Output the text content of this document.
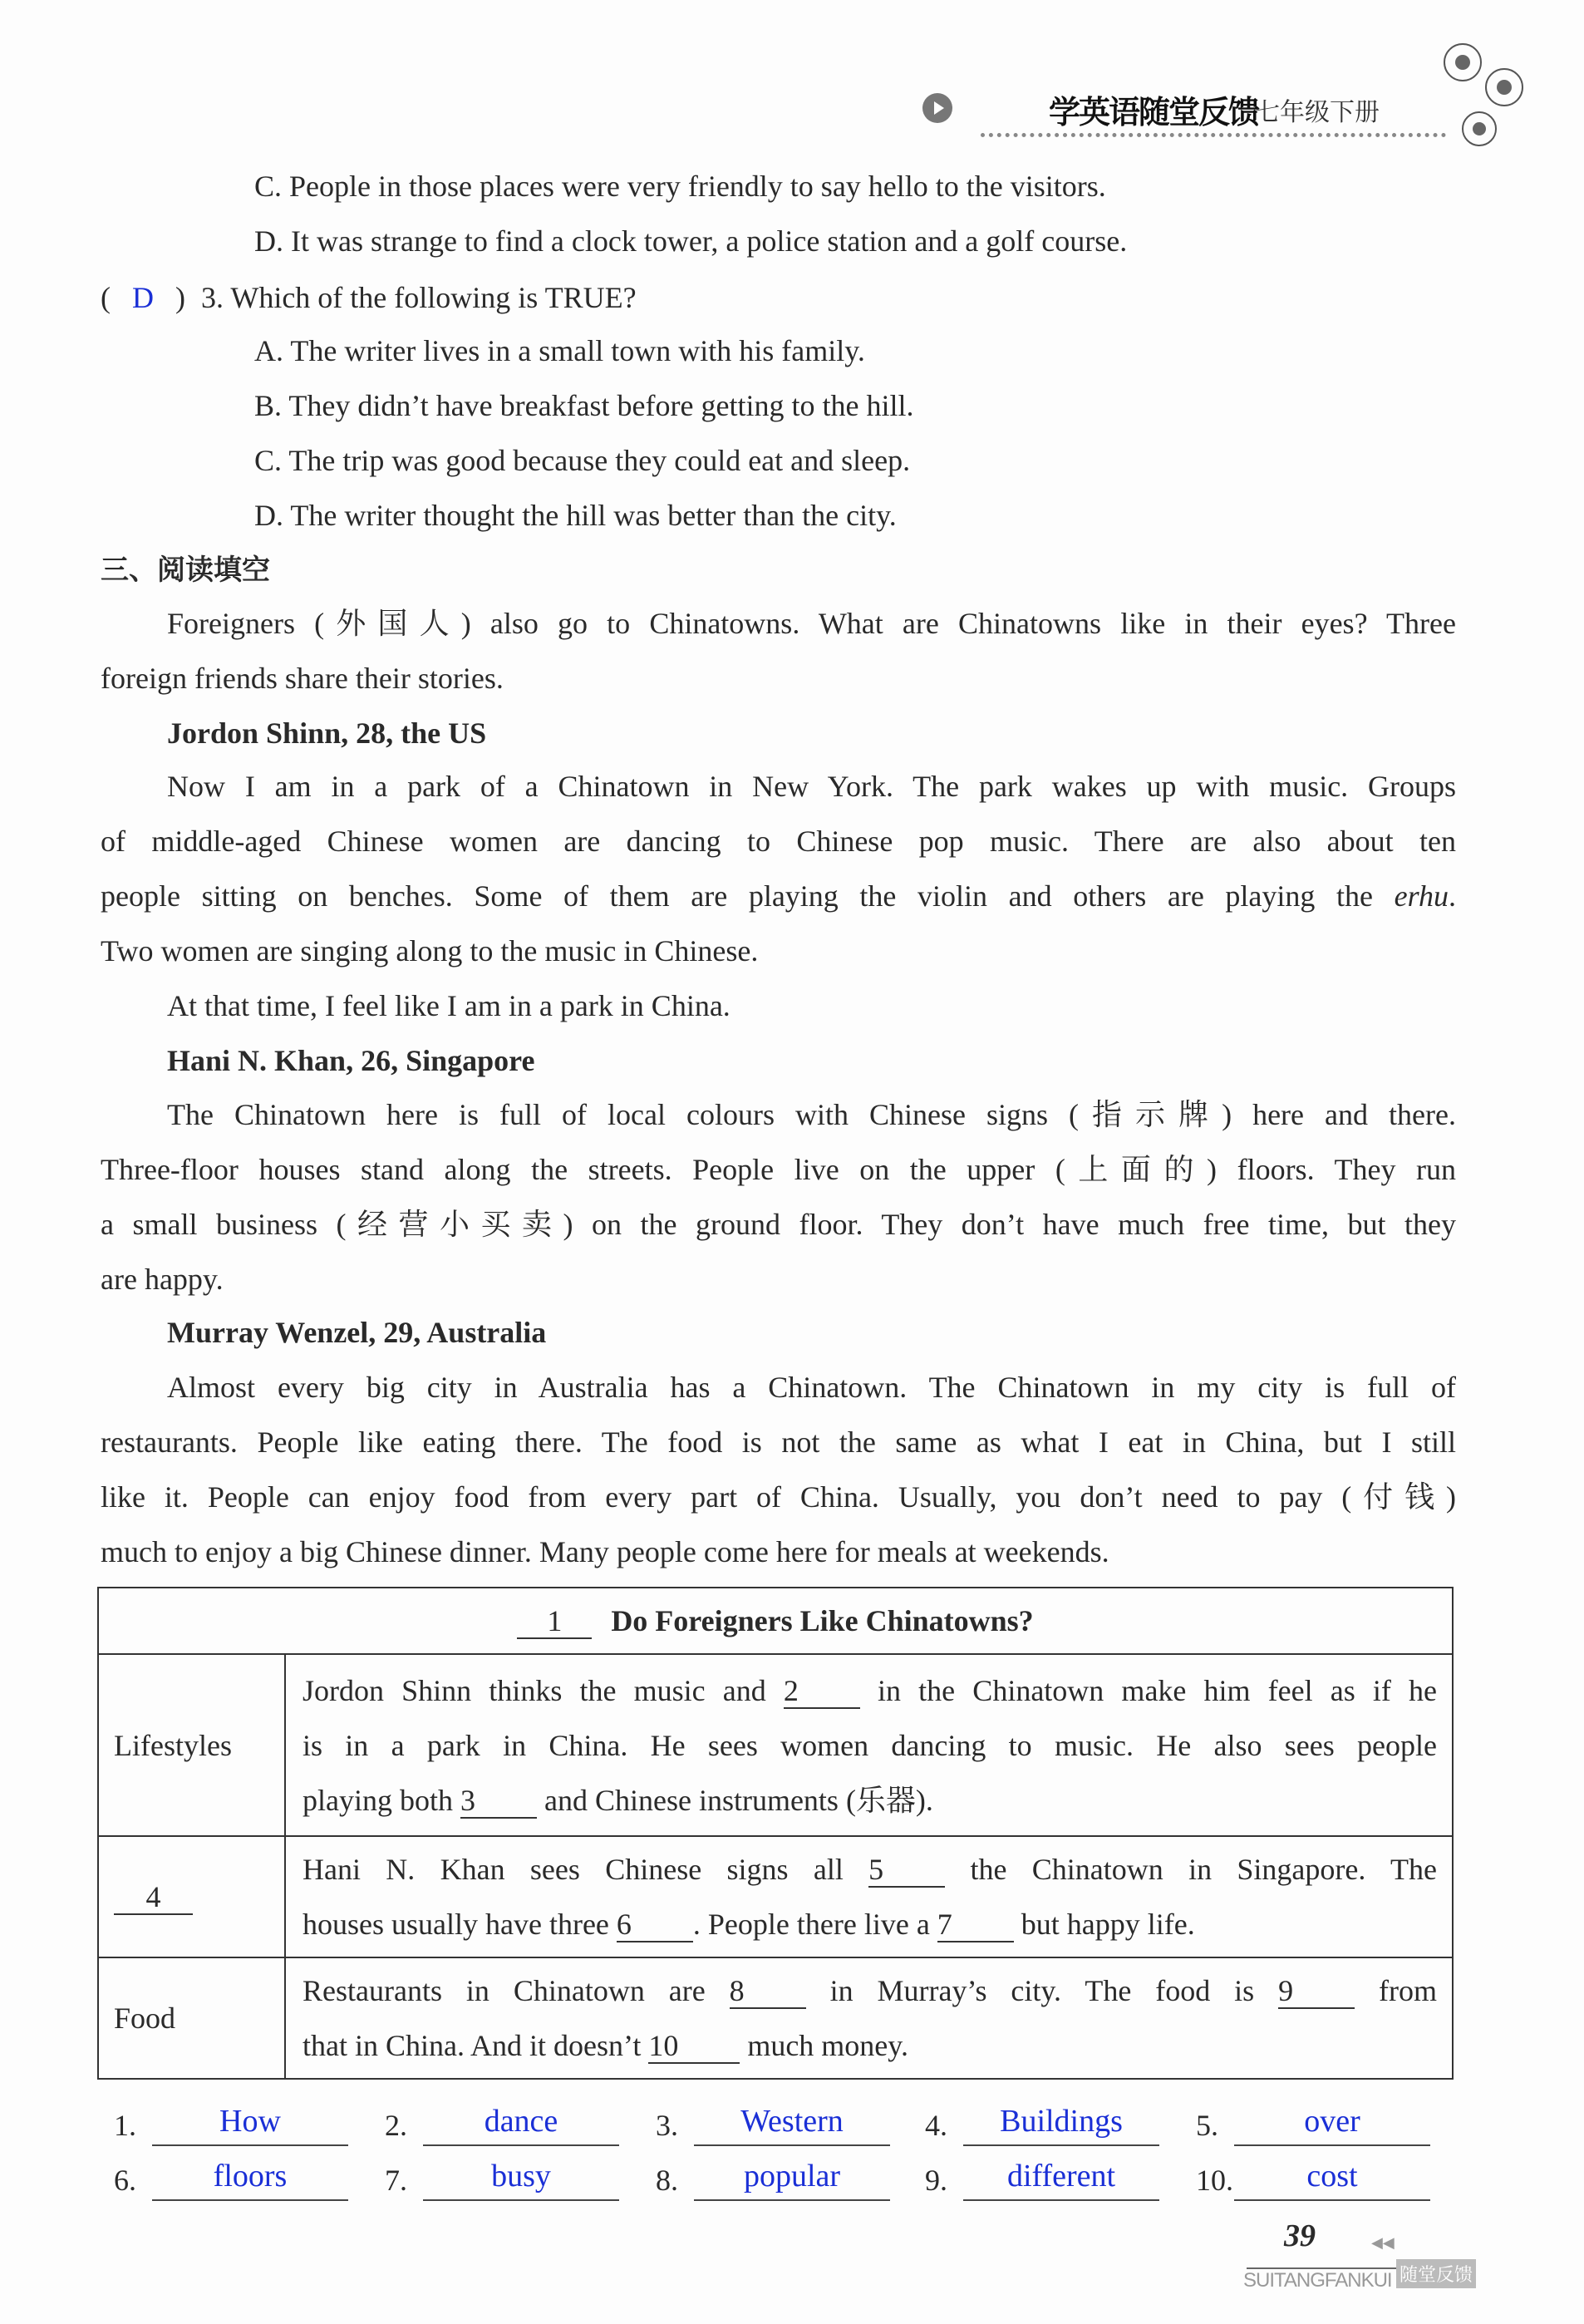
学英语随堂反馈
七年级下册
C. People in those places were very friendly to say hello to the visitors.
D. It was strange to find a clock tower, a police station and a golf course.
( D ) 3. Which of the following is TRUE?
A. The writer lives in a small town with his family.
B. They didn’t have breakfast before getting to the hill.
C. The trip was good because they could eat and sleep.
D. The writer thought the hill was better than the city.
三、阅读填空
Foreigners (外国人) also go to Chinatowns. What are Chinatowns like in their eyes? Three
foreign friends share their stories.
Jordon Shinn, 28, the US
Now I am in a park of a Chinatown in New York. The park wakes up with music. Groups
of middle-aged Chinese women are dancing to Chinese pop music. There are also about ten
people sitting on benches. Some of them are playing the violin and others are playing the erhu.
Two women are singing along to the music in Chinese.
At that time, I feel like I am in a park in China.
Hani N. Khan, 26, Singapore
The Chinatown here is full of local colours with Chinese signs (指示牌) here and there.
Three-floor houses stand along the streets. People live on the upper (上面的) floors. They run
a small business (经营小买卖) on the ground floor. They don’t have much free time, but they
are happy.
Murray Wenzel, 29, Australia
Almost every big city in Australia has a Chinatown. The Chinatown in my city is full of
restaurants. People like eating there. The food is not the same as what I eat in China, but I still
like it. People can enjoy food from every part of China. Usually, you don’t need to pay (付钱)
much to enjoy a big Chinese dinner. Many people come here for meals at weekends.
1 Do Foreigners Like Chinatowns?	
Lifestyles	Jordon Shinn thinks the music and 2 in the Chinatown make him feel as if he
is in a park in China. He sees women dancing to music. He also sees people
playing both 3 and Chinese instruments (乐器).

4	Hani N. Khan sees Chinese signs all 5 the Chinatown in Singapore. The
houses usually have three 6 . People there live a 7 but happy life.

Food	Restaurants in Chinatown are 8 in Murray’s city. The food is 9 from
that in China. And it doesn’t 10 much money.
1.	How	2.	dance	3.	Western	4.	Buildings	5.	over
6.	floors	7.	busy	8.	popular	9.	different	10.	cost
39	◀◀
SUITANGFANKUI 随堂反馈
